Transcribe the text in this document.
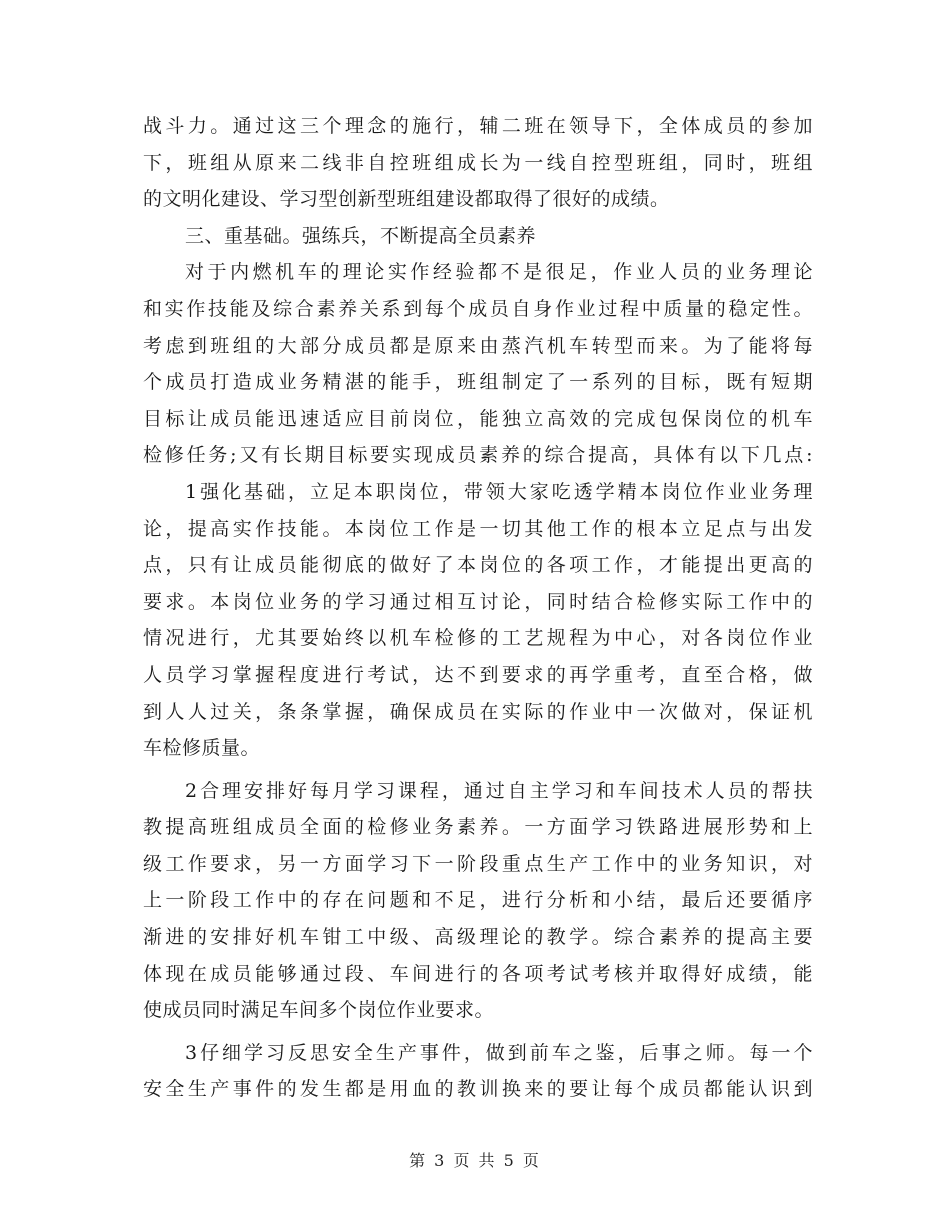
战斗力。通过这三个理念的施行，辅二班在领导下，全体成员的参加
下，班组从原来二线非自控班组成长为一线自控型班组，同时，班组
的文明化建设、学习型创新型班组建设都取得了很好的成绩。
三、重基础。强练兵，不断提高全员素养
对于内燃机车的理论实作经验都不是很足，作业人员的业务理论
和实作技能及综合素养关系到每个成员自身作业过程中质量的稳定性。
考虑到班组的大部分成员都是原来由蒸汽机车转型而来。为了能将每
个成员打造成业务精湛的能手，班组制定了一系列的目标，既有短期
目标让成员能迅速适应目前岗位，能独立高效的完成包保岗位的机车
检修任务;又有长期目标要实现成员素养的综合提高，具体有以下几点:
1强化基础，立足本职岗位，带领大家吃透学精本岗位作业业务理
论，提高实作技能。本岗位工作是一切其他工作的根本立足点与出发
点，只有让成员能彻底的做好了本岗位的各项工作，才能提出更高的
要求。本岗位业务的学习通过相互讨论，同时结合检修实际工作中的
情况进行，尤其要始终以机车检修的工艺规程为中心，对各岗位作业
人员学习掌握程度进行考试，达不到要求的再学重考，直至合格，做
到人人过关，条条掌握，确保成员在实际的作业中一次做对，保证机
车检修质量。
2合理安排好每月学习课程，通过自主学习和车间技术人员的帮扶
教提高班组成员全面的检修业务素养。一方面学习铁路进展形势和上
级工作要求，另一方面学习下一阶段重点生产工作中的业务知识，对
上一阶段工作中的存在问题和不足，进行分析和小结，最后还要循序
渐进的安排好机车钳工中级、高级理论的教学。综合素养的提高主要
体现在成员能够通过段、车间进行的各项考试考核并取得好成绩，能
使成员同时满足车间多个岗位作业要求。
3仔细学习反思安全生产事件，做到前车之鉴，后事之师。每一个
安全生产事件的发生都是用血的教训换来的要让每个成员都能认识到
第 3 页 共 5 页
